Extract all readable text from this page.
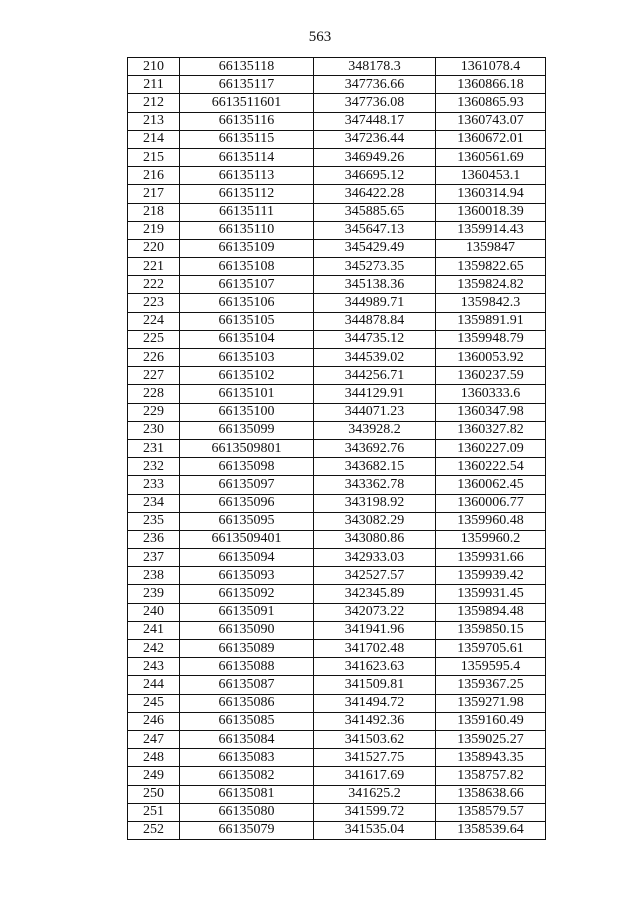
563
210	66135118	348178.3	1361078.4
211	66135117	347736.66	1360866.18
212	6613511601	347736.08	1360865.93
213	66135116	347448.17	1360743.07
214	66135115	347236.44	1360672.01
215	66135114	346949.26	1360561.69
216	66135113	346695.12	1360453.1
217	66135112	346422.28	1360314.94
218	66135111	345885.65	1360018.39
219	66135110	345647.13	1359914.43
220	66135109	345429.49	1359847
221	66135108	345273.35	1359822.65
222	66135107	345138.36	1359824.82
223	66135106	344989.71	1359842.3
224	66135105	344878.84	1359891.91
225	66135104	344735.12	1359948.79
226	66135103	344539.02	1360053.92
227	66135102	344256.71	1360237.59
228	66135101	344129.91	1360333.6
229	66135100	344071.23	1360347.98
230	66135099	343928.2	1360327.82
231	6613509801	343692.76	1360227.09
232	66135098	343682.15	1360222.54
233	66135097	343362.78	1360062.45
234	66135096	343198.92	1360006.77
235	66135095	343082.29	1359960.48
236	6613509401	343080.86	1359960.2
237	66135094	342933.03	1359931.66
238	66135093	342527.57	1359939.42
239	66135092	342345.89	1359931.45
240	66135091	342073.22	1359894.48
241	66135090	341941.96	1359850.15
242	66135089	341702.48	1359705.61
243	66135088	341623.63	1359595.4
244	66135087	341509.81	1359367.25
245	66135086	341494.72	1359271.98
246	66135085	341492.36	1359160.49
247	66135084	341503.62	1359025.27
248	66135083	341527.75	1358943.35
249	66135082	341617.69	1358757.82
250	66135081	341625.2	1358638.66
251	66135080	341599.72	1358579.57
252	66135079	341535.04	1358539.64
